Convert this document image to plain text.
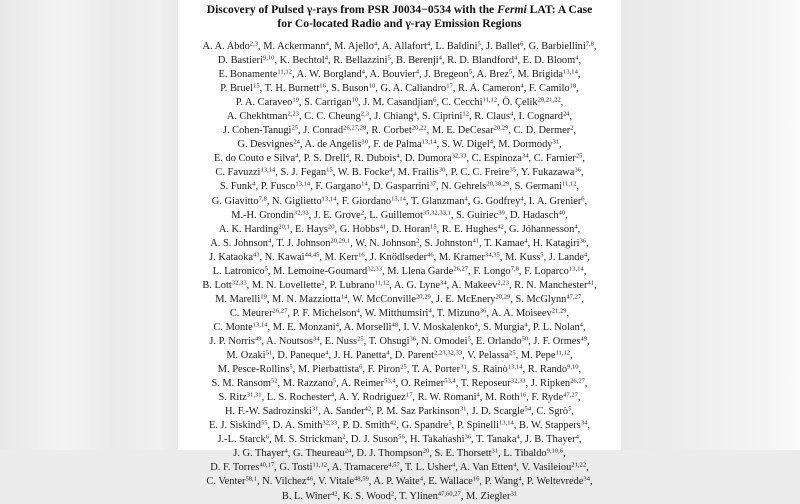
Discovery of Pulsed γ-rays from PSR J0034−0534 with the Fermi LAT: A Case
for Co-located Radio and γ-ray Emission Regions
A. A. Abdo$^{2,3}$, M. Ackermann$^4$, M. Ajello$^4$, A. Allafort$^4$, L. Baldini$^5$, J. Ballet$^6$, G. Barbiellini$^{7,8}$,
D. Bastieri$^{9,10}$, K. Bechtol$^4$, R. Bellazzini$^5$, B. Berenji$^4$, R. D. Blandford$^4$, E. D. Bloom$^4$,
E. Bonamente$^{11,12}$, A. W. Borgland$^4$, A. Bouvier$^4$, J. Bregeon$^5$, A. Brez$^5$, M. Brigida$^{13,14}$,
P. Bruel$^{15}$, T. H. Burnett$^{16}$, S. Buson$^{10}$, G. A. Caliandro$^{17}$, R. A. Cameron$^4$, F. Camilo$^{18}$,
P. A. Caraveo$^{19}$, S. Carrigan$^{10}$, J. M. Casandjian$^6$, C. Cecchi$^{11,12}$, Ö. Çelik$^{20,21,22}$,
A. Chekhtman$^{2,23}$, C. C. Cheung$^{2,3}$, J. Chiang$^4$, S. Ciprini$^{12}$, R. Claus$^4$, I. Cognard$^{24}$,
J. Cohen-Tanugi$^{25}$, J. Conrad$^{26,27,28}$, R. Corbet$^{20,22}$, M. E. DeCesar$^{20,29}$, C. D. Dermer$^2$,
G. Desvignes$^{24}$, A. de Angelis$^{30}$, F. de Palma$^{13,14}$, S. W. Digel$^4$, M. Dormody$^{31}$,
E. do Couto e Silva$^4$, P. S. Drell$^4$, R. Dubois$^4$, D. Dumora$^{32,33}$, C. Espinoza$^{34}$, C. Farnier$^{25}$,
C. Favuzzi$^{13,14}$, S. J. Fegan$^{15}$, W. B. Focke$^4$, M. Frailis$^{30}$, P. C. C. Freire$^{35}$, Y. Fukazawa$^{36}$,
S. Funk$^4$, P. Fusco$^{13,14}$, F. Gargano$^{14}$, D. Gasparrini$^{37}$, N. Gehrels$^{20,38,29}$, S. Germani$^{11,12}$,
G. Giavitto$^{7,8}$, N. Giglietto$^{13,14}$, F. Giordano$^{13,14}$, T. Glanzman$^4$, G. Godfrey$^4$, I. A. Grenier$^6$,
M.-H. Grondin$^{32,33}$, J. E. Grove$^2$, L. Guillemot$^{35,32,33,1}$, S. Guiriec$^{39}$, D. Hadasch$^{40}$,
A. K. Harding$^{20,1}$, E. Hays$^{20}$, G. Hobbs$^{41}$, D. Horan$^{15}$, R. E. Hughes$^{42}$, G. Jóhannesson$^4$,
A. S. Johnson$^4$, T. J. Johnson$^{20,29,1}$, W. N. Johnson$^2$, S. Johnston$^{41}$, T. Kamae$^4$, H. Katagiri$^{36}$,
J. Kataoka$^{43}$, N. Kawai$^{44,45}$, M. Kerr$^{16}$, J. Knödlseder$^{46}$, M. Kramer$^{34,35}$, M. Kuss$^5$, J. Lande$^4$,
L. Latronico$^5$, M. Lemoine-Goumard$^{32,33}$, M. Llena Garde$^{26,27}$, F. Longo$^{7,8}$, F. Loparco$^{13,14}$,
B. Lott$^{32,33}$, M. N. Lovellette$^2$, P. Lubrano$^{11,12}$, A. G. Lyne$^{34}$, A. Makeev$^{2,23}$, R. N. Manchester$^{41}$,
M. Marelli$^{19}$, M. N. Mazziotta$^{14}$, W. McConville$^{20,29}$, J. E. McEnery$^{20,29}$, S. McGlynn$^{47,27}$,
C. Meurer$^{26,27}$, P. F. Michelson$^4$, W. Mitthumsiri$^4$, T. Mizuno$^{36}$, A. A. Moiseev$^{21,29}$,
C. Monte$^{13,14}$, M. E. Monzani$^4$, A. Morselli$^{48}$, I. V. Moskalenko$^4$, S. Murgia$^4$, P. L. Nolan$^4$,
J. P. Norris$^{49}$, A. Noutsos$^{34}$, E. Nuss$^{25}$, T. Ohsugi$^{36}$, N. Omodei$^5$, E. Orlando$^{50}$, J. F. Ormes$^{49}$,
M. Ozaki$^{51}$, D. Paneque$^4$, J. H. Panetta$^4$, D. Parent$^{2,23,32,33}$, V. Pelassa$^{25}$, M. Pepe$^{11,12}$,
M. Pesce-Rollins$^5$, M. Pierbattista$^6$, F. Piron$^{25}$, T. A. Porter$^{31}$, S. Rainò$^{13,14}$, R. Rando$^{9,10}$,
S. M. Ransom$^{52}$, M. Razzano$^5$, A. Reimer$^{53,4}$, O. Reimer$^{53,4}$, T. Reposeur$^{32,33}$, J. Ripken$^{26,27}$,
S. Ritz$^{31,31}$, L. S. Rochester$^4$, A. Y. Rodriguez$^{17}$, R. W. Romani$^4$, M. Roth$^{16}$, F. Ryde$^{47,27}$,
H. F.-W. Sadrozinski$^{31}$, A. Sander$^{42}$, P. M. Saz Parkinson$^{31}$, J. D. Scargle$^{54}$, C. Sgrò$^5$,
E. J. Siskind$^{55}$, D. A. Smith$^{32,33}$, P. D. Smith$^{42}$, G. Spandre$^5$, P. Spinelli$^{13,14}$, B. W. Stappers$^{34}$,
J.-L. Starck$^6$, M. S. Strickman$^2$, D. J. Suson$^{56}$, H. Takahashi$^{36}$, T. Tanaka$^4$, J. B. Thayer$^4$,
J. G. Thayer$^4$, G. Theureau$^{24}$, D. J. Thompson$^{20}$, S. E. Thorsett$^{31}$, L. Tibaldo$^{9,10,6}$,
D. F. Torres$^{40,17}$, G. Tosti$^{11,12}$, A. Tramacere$^{4,57}$, T. L. Usher$^4$, A. Van Etten$^4$, V. Vasileiou$^{21,22}$,
C. Venter$^{58,1}$, N. Vilchez$^{46}$, V. Vitale$^{48,59}$, A. P. Waite$^4$, E. Wallace$^{16}$, P. Wang$^4$, P. Weltevrede$^{34}$,
B. L. Winer$^{42}$, K. S. Wood$^2$, T. Ylinen$^{47,60,27}$, M. Ziegler$^{31}$
